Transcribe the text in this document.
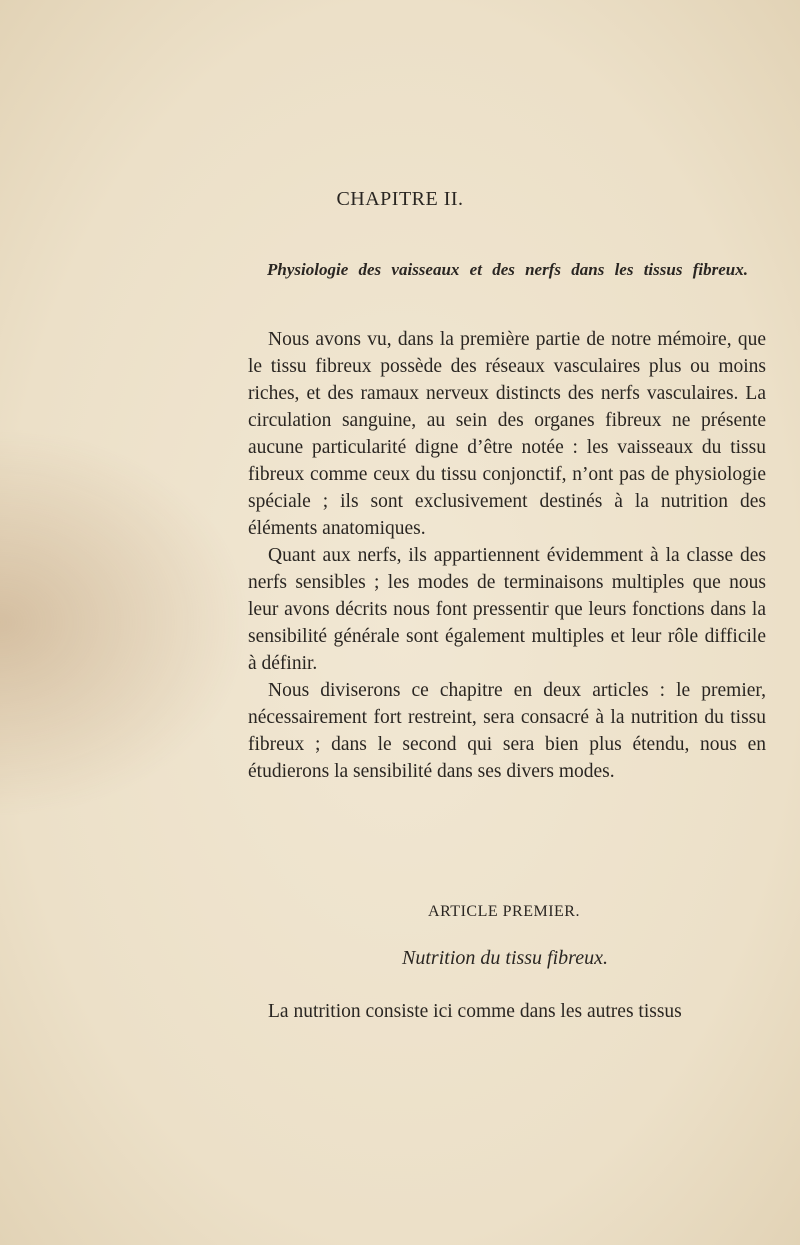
CHAPITRE II.
Physiologie des vaisseaux et des nerfs dans les tissus fibreux.

Nous avons vu, dans la première partie de notre mémoire, que le tissu fibreux possède des réseaux vasculaires plus ou moins riches, et des ramaux nerveux distincts des nerfs vasculaires. La circulation sanguine, au sein des organes fibreux ne présente aucune particularité digne d’être notée : les vaisseaux du tissu fibreux comme ceux du tissu conjonctif, n’ont pas de physiologie spéciale ; ils sont exclusivement destinés à la nutrition des éléments anatomiques.

Quant aux nerfs, ils appartiennent évidemment à la classe des nerfs sensibles ; les modes de terminaisons multiples que nous leur avons décrits nous font pressentir que leurs fonctions dans la sensibilité générale sont également multiples et leur rôle difficile à définir.

Nous diviserons ce chapitre en deux articles : le premier, nécessairement fort restreint, sera consacré à la nutrition du tissu fibreux ; dans le second qui sera bien plus étendu, nous en étudierons la sensibilité dans ses divers modes.

ARTICLE PREMIER.
Nutrition du tissu fibreux.

La nutrition consiste ici comme dans les autres tissus
